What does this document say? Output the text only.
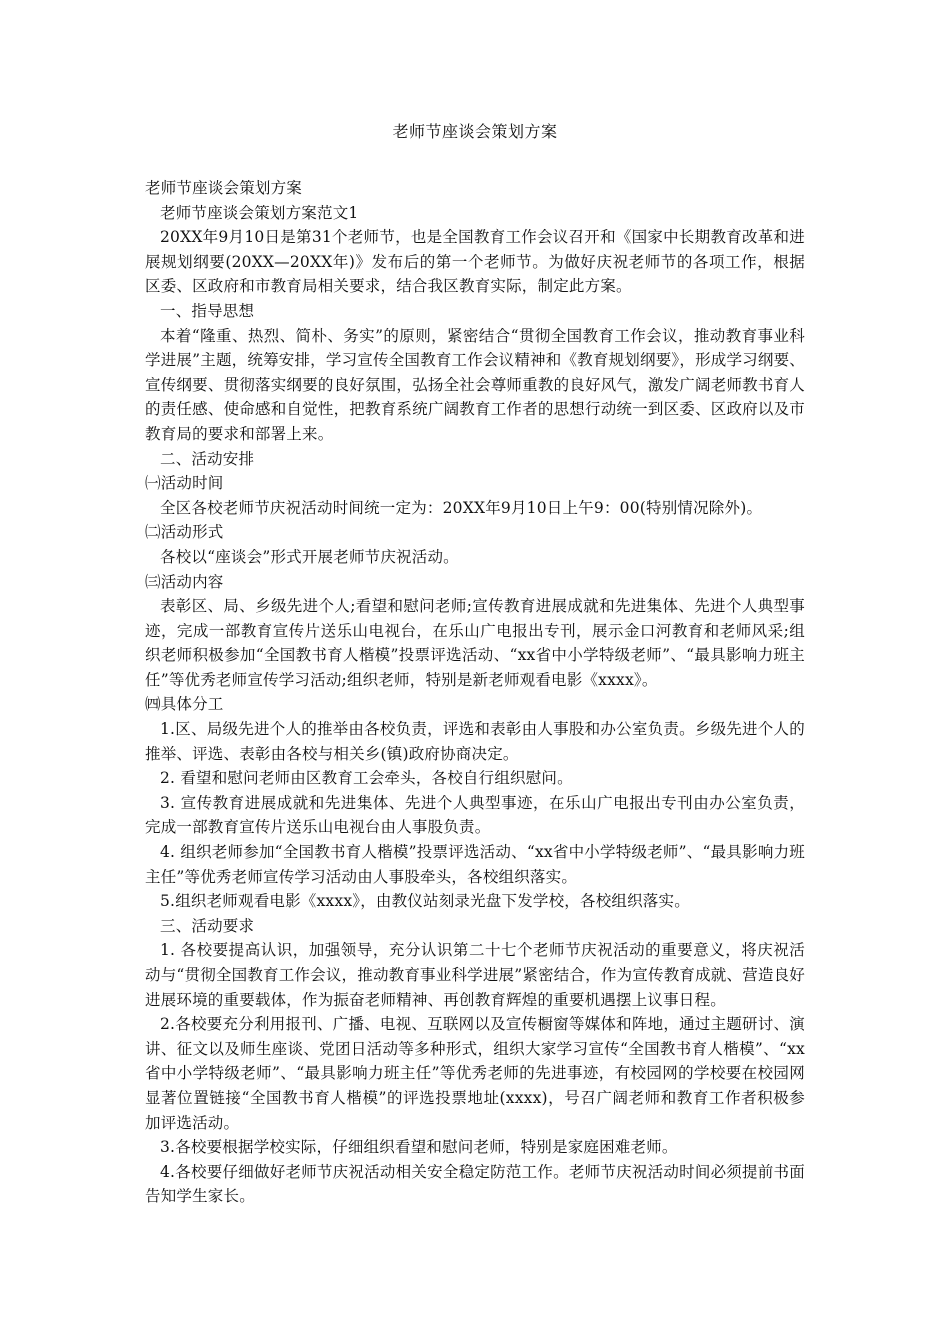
老师节座谈会策划方案

老师节座谈会策划方案

老师节座谈会策划方案范文1

20XX年9月10日是第31个老师节，也是全国教育工作会议召开和《国家中长期教育改革和进展规划纲要(20XX—20XX年)》发布后的第一个老师节。为做好庆祝老师节的各项工作，根据区委、区政府和市教育局相关要求，结合我区教育实际，制定此方案。

一、指导思想

本着“隆重、热烈、简朴、务实”的原则，紧密结合“贯彻全国教育工作会议，推动教育事业科学进展”主题，统筹安排，学习宣传全国教育工作会议精神和《教育规划纲要》，形成学习纲要、宣传纲要、贯彻落实纲要的良好氛围，弘扬全社会尊师重教的良好风气，激发广阔老师教书育人的责任感、使命感和自觉性，把教育系统广阔教育工作者的思想行动统一到区委、区政府以及市教育局的要求和部署上来。

二、活动安排

㈠活动时间

全区各校老师节庆祝活动时间统一定为：20XX年9月10日上午9：00(特别情况除外)。

㈡活动形式

各校以“座谈会”形式开展老师节庆祝活动。

㈢活动内容

表彰区、局、乡级先进个人;看望和慰问老师;宣传教育进展成就和先进集体、先进个人典型事迹，完成一部教育宣传片送乐山电视台，在乐山广电报出专刊，展示金口河教育和老师风采;组织老师积极参加“全国教书育人楷模”投票评选活动、“xx省中小学特级老师”、“最具影响力班主任”等优秀老师宣传学习活动;组织老师，特别是新老师观看电影《xxxx》。

㈣具体分工

1.区、局级先进个人的推举由各校负责，评选和表彰由人事股和办公室负责。乡级先进个人的推举、评选、表彰由各校与相关乡(镇)政府协商决定。

2. 看望和慰问老师由区教育工会牵头，各校自行组织慰问。

3. 宣传教育进展成就和先进集体、先进个人典型事迹，在乐山广电报出专刊由办公室负责，完成一部教育宣传片送乐山电视台由人事股负责。

4. 组织老师参加“全国教书育人楷模”投票评选活动、“xx省中小学特级老师”、“最具影响力班主任”等优秀老师宣传学习活动由人事股牵头，各校组织落实。

5.组织老师观看电影《xxxx》，由教仪站刻录光盘下发学校，各校组织落实。

三、活动要求

1. 各校要提高认识，加强领导，充分认识第二十七个老师节庆祝活动的重要意义，将庆祝活动与“贯彻全国教育工作会议，推动教育事业科学进展”紧密结合，作为宣传教育成就、营造良好进展环境的重要载体，作为振奋老师精神、再创教育辉煌的重要机遇摆上议事日程。

2.各校要充分利用报刊、广播、电视、互联网以及宣传橱窗等媒体和阵地，通过主题研讨、演讲、征文以及师生座谈、党团日活动等多种形式，组织大家学习宣传“全国教书育人楷模”、“xx省中小学特级老师”、“最具影响力班主任”等优秀老师的先进事迹，有校园网的学校要在校园网显著位置链接“全国教书育人楷模”的评选投票地址(xxxx)，号召广阔老师和教育工作者积极参加评选活动。

3.各校要根据学校实际，仔细组织看望和慰问老师，特别是家庭困难老师。

4.各校要仔细做好老师节庆祝活动相关安全稳定防范工作。老师节庆祝活动时间必须提前书面告知学生家长。
